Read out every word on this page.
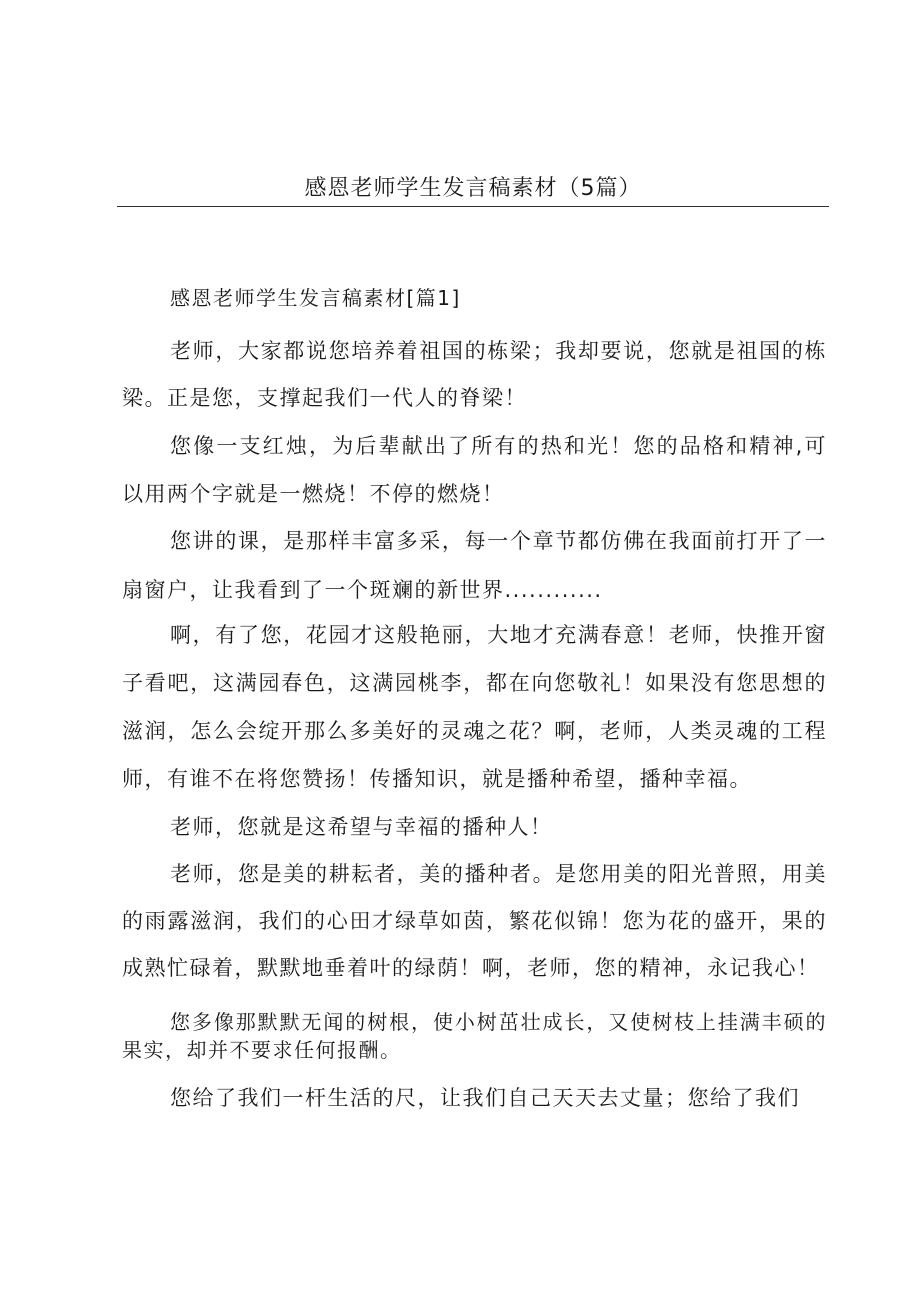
感恩老师学生发言稿素材（5篇）

感恩老师学生发言稿素材[篇1]

老师，大家都说您培养着祖国的栋梁；我却要说，您就是祖国的栋梁。正是您，支撑起我们一代人的脊梁！

您像一支红烛，为后辈献出了所有的热和光！您的品格和精神,可以用两个字就是一燃烧！不停的燃烧！

您讲的课，是那样丰富多采，每一个章节都仿佛在我面前打开了一扇窗户，让我看到了一个斑斓的新世界............

啊，有了您，花园才这般艳丽，大地才充满春意！老师，快推开窗子看吧，这满园春色，这满园桃李，都在向您敬礼！如果没有您思想的滋润，怎么会绽开那么多美好的灵魂之花？啊，老师，人类灵魂的工程师，有谁不在将您赞扬！传播知识，就是播种希望，播种幸福。

老师，您就是这希望与幸福的播种人！

老师，您是美的耕耘者，美的播种者。是您用美的阳光普照，用美的雨露滋润，我们的心田才绿草如茵，繁花似锦！您为花的盛开，果的成熟忙碌着，默默地垂着叶的绿荫！啊，老师，您的精神，永记我心！

您多像那默默无闻的树根，使小树茁壮成长，又使树枝上挂满丰硕的果实，却并不要求任何报酬。

您给了我们一杆生活的尺，让我们自己天天去丈量；您给了我们
